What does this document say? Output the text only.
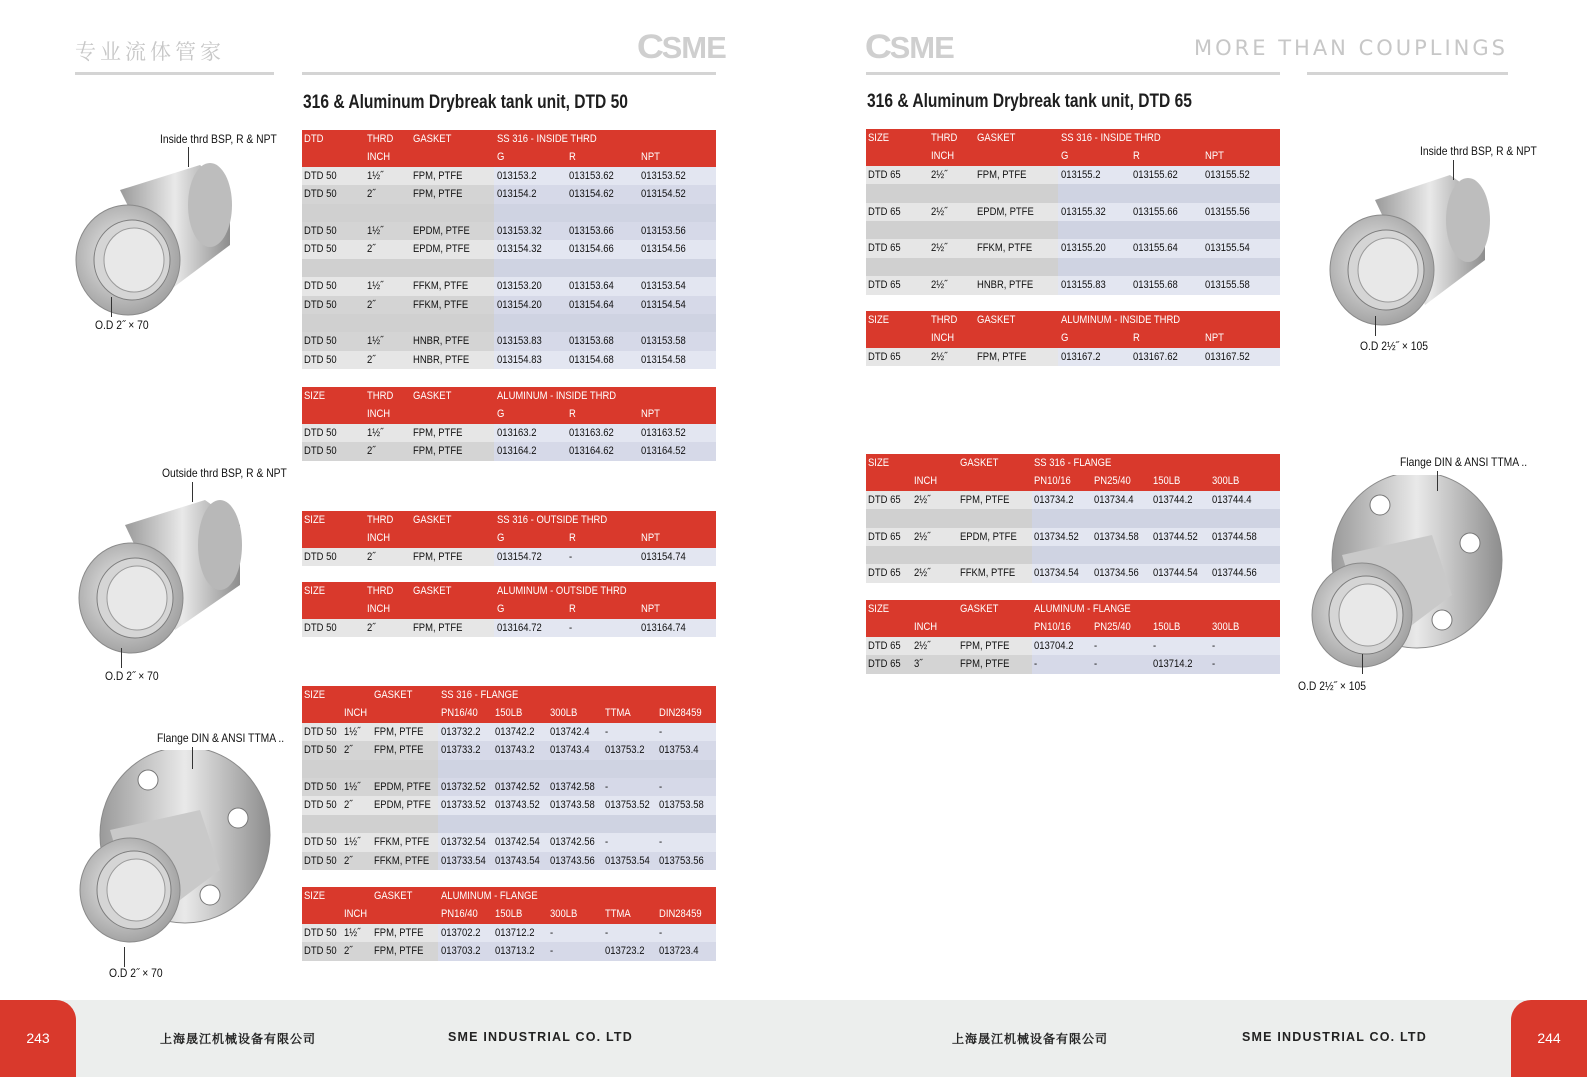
专业流体管家	CSME	CSME	MORE THAN COUPLINGS
316 & Aluminum Drybreak tank unit, DTD 50	316 & Aluminum Drybreak tank unit, DTD 65
Inside thrd BSP, R & NPT
O.D 2˝ × 70
Outside thrd BSP, R & NPT
O.D 2˝ × 70
Flange DIN & ANSI TTMA ..
O.D 2˝ × 70
Inside thrd BSP, R & NPT
O.D 2½˝ × 105
Flange DIN & ANSI TTMA ..
O.D 2½˝ × 105
DTD	THRD GASKET	SS 316 - INSIDE THRD
INCH	G	R	NPT
DTD 50	1½˝	FPM, PTFE	013153.2	013153.62 013153.52
DTD 50	2˝	FPM, PTFE	013154.2	013154.62 013154.52
DTD 50	1½˝	EPDM, PTFE 013153.32 013153.66 013153.56
DTD 50	2˝	EPDM, PTFE 013154.32 013154.66 013154.56
DTD 50	1½˝	FFKM, PTFE	013153.20 013153.64 013153.54
DTD 50	2˝	FFKM, PTFE	013154.20 013154.64 013154.54
DTD 50	1½˝	HNBR, PTFE	013153.83 013153.68 013153.58
DTD 50	2˝	HNBR, PTFE	013154.83 013154.68 013154.58
SIZE	THRD GASKET	ALUMINUM - INSIDE THRD
INCH	G	R	NPT
DTD 50	1½˝	FPM, PTFE	013163.2	013163.62 013163.52
DTD 50	2˝	FPM, PTFE	013164.2	013164.62 013164.52
SIZE	THRD GASKET	SS 316 - OUTSIDE THRD
INCH	G	R	NPT
DTD 50	2˝	FPM, PTFE	013154.72 -	013154.74
SIZE	THRD GASKET	ALUMINUM - OUTSIDE THRD
INCH	G	R	NPT
DTD 50	2˝	FPM, PTFE	013164.72 -	013164.74
SIZE	GASKET	SS 316 - FLANGE
INCH	PN16/40 150LB	300LB	TTMA	DIN28459
DTD 50 1½˝ FPM, PTFE 013732.2 013742.2 013742.4 -	-
DTD 50 2˝ FPM, PTFE 013733.2 013743.2 013743.4 013753.2 013753.4
DTD 50 1½˝ EPDM, PTFE 013732.52 013742.52 013742.58 -	-
DTD 50 2˝ EPDM, PTFE 013733.52 013743.52 013743.58 013753.52 013753.58
DTD 50 1½˝ FFKM, PTFE 013732.54 013742.54 013742.56 -	-
DTD 50 2˝ FFKM, PTFE 013733.54 013743.54 013743.56 013753.54 013753.56
SIZE	GASKET	ALUMINUM - FLANGE
INCH	PN16/40 150LB	300LB	TTMA	DIN28459
DTD 50 1½˝ FPM, PTFE 013702.2 013712.2 -	-	-
DTD 50 2˝ FPM, PTFE 013703.2 013713.2 -	013723.2 013723.4
SIZE	THRD GASKET	SS 316 - INSIDE THRD
INCH	G	R	NPT
DTD 65	2½˝	FPM, PTFE	013155.2	013155.62 013155.52
DTD 65	2½˝	EPDM, PTFE 013155.32 013155.66 013155.56
DTD 65	2½˝	FFKM, PTFE	013155.20 013155.64 013155.54
DTD 65	2½˝	HNBR, PTFE	013155.83 013155.68 013155.58
SIZE	THRD GASKET	ALUMINUM - INSIDE THRD
INCH	G	R	NPT
DTD 65	2½˝	FPM, PTFE	013167.2	013167.62 013167.52
SIZE	GASKET	SS 316 - FLANGE
INCH	PN10/16 PN25/40 150LB	300LB
DTD 65 2½˝	FPM, PTFE 013734.2 013734.4 013744.2 013744.4
DTD 65 2½˝	EPDM, PTFE 013734.52 013734.58 013744.52 013744.58
DTD 65 2½˝	FFKM, PTFE 013734.54 013734.56 013744.54 013744.56
SIZE	GASKET	ALUMINUM - FLANGE
INCH	PN10/16 PN25/40 150LB	300LB
DTD 65 2½˝	FPM, PTFE 013704.2 -	-	-
DTD 65 3˝	FPM, PTFE -	-	013714.2 -
243	244
上海晟江机械设备有限公司	SME INDUSTRIAL CO. LTD	上海晟江机械设备有限公司	SME INDUSTRIAL CO. LTD
